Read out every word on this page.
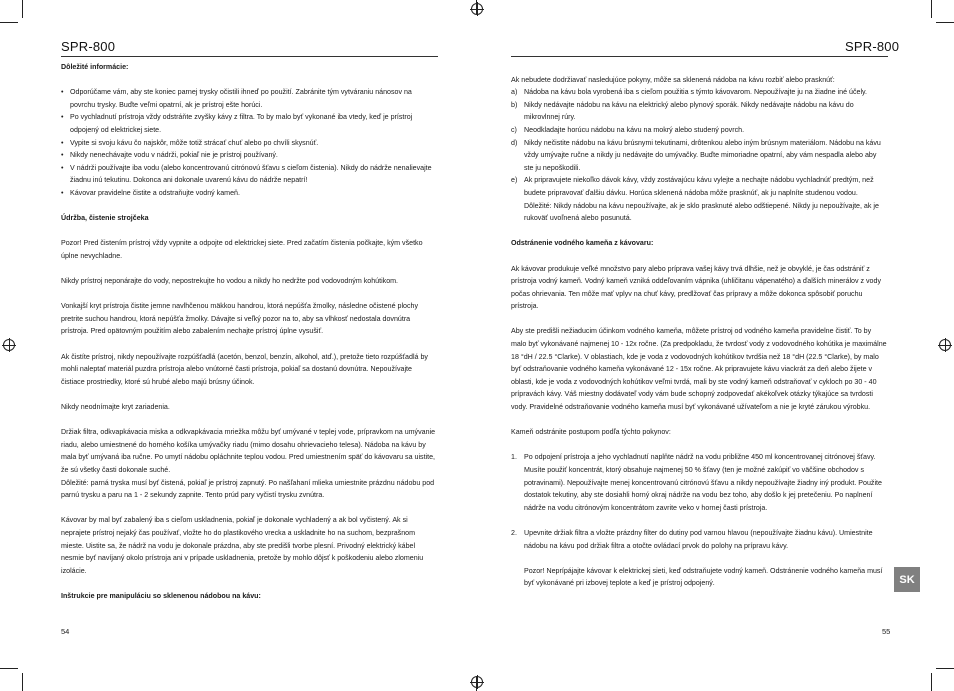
SPR-800

Dôležité informácie:

• Odporúčame vám, aby ste koniec parnej trysky očistili ihneď po použití. Zabránite tým vytváraniu nánosov na povrchu trysky. Buďte veľmi opatrní, ak je prístroj ešte horúci.
• Po vychladnutí prístroja vždy odstráňte zvyšky kávy z filtra. To by malo byť vykonané iba vtedy, keď je prístroj odpojený od elektrickej siete.
• Vypite si svoju kávu čo najskôr, môže totiž strácať chuť alebo po chvíli skysnúť.
• Nikdy nenechávajte vodu v nádrži, pokiaľ nie je prístroj používaný.
• V nádrži používajte iba vodu (alebo koncentrovanú citrónovú šťavu s cieľom čistenia). Nikdy do nádrže nenalievajte žiadnu inú tekutinu. Dokonca ani dokonale uvarenú kávu do nádrže nepatrí!
• Kávovar pravidelne čistite a odstraňujte vodný kameň.

Údržba, čistenie strojčeka

Pozor! Pred čistením prístroj vždy vypnite a odpojte od elektrickej siete. Pred začatím čistenia počkajte, kým všetko úplne nevychladne.

Nikdy prístroj neponárajte do vody, nepostrekujte ho vodou a nikdy ho nedržte pod vodovodným kohútikom.

Vonkajší kryt prístroja čistite jemne navlhčenou mäkkou handrou, ktorá nepúšťa žmolky, následne očistené plochy pretrite suchou handrou, ktorá nepúšťa žmolky. Dávajte si veľký pozor na to, aby sa vlhkosť nedostala dovnútra prístroja. Pred opätovným použitím alebo zabalením nechajte prístroj úplne vysušiť.

Ak čistíte prístroj, nikdy nepoužívajte rozpúšťadlá (acetón, benzol, benzín, alkohol, atď.), pretože tieto rozpúšťadlá by mohli naleptať materiál puzdra prístroja alebo vnútorné časti prístroja, pokiaľ sa dostanú dovnútra. Nepoužívajte čistiace prostriedky, ktoré sú hrubé alebo majú brúsny účinok.

Nikdy neodnímajte kryt zariadenia.

Držiak filtra, odkvapkávacia miska a odkvapkávacia mriežka môžu byť umývané v teplej vode, prípravkom na umývanie riadu, alebo umiestnené do horného košíka umývačky riadu (mimo dosahu ohrievacieho telesa). Nádoba na kávu by mala byť umývaná iba ručne. Po umytí nádobu opláchnite teplou vodou. Pred umiestnením späť do kávovaru sa uistite, že sú všetky časti dokonale suché.

Dôležité: parná tryska musí byť čistená, pokiaľ je prístroj zapnutý. Po našľahaní mlieka umiestnite prázdnu nádobu pod parnú trysku a paru na 1 - 2 sekundy zapnite. Tento prúd pary vyčistí trysku zvnútra.

Kávovar by mal byť zabalený iba s cieľom uskladnenia, pokiaľ je dokonale vychladený a ak bol vyčistený. Ak si neprajete prístroj nejaký čas používať, vložte ho do plastikového vrecka a uskladnite ho na suchom, bezprašnom mieste. Uistite sa, že nádrž na vodu je dokonale prázdna, aby ste predišli tvorbe plesní. Privodný elektrický kábel nesmie byť navíjaný okolo prístroja ani v prípade uskladnenia, pretože by mohlo dôjsť k poškodeniu alebo zlomeniu izolácie.

Inštrukcie pre manipuláciu so sklenenou nádobou na kávu:

54
SPR-800

Ak nebudete dodržiavať nasledujúce pokyny, môže sa sklenená nádoba na kávu rozbiť alebo prasknúť:

a) Nádoba na kávu bola vyrobená iba s cieľom použitia s týmto kávovarom. Nepoužívajte ju na žiadne iné účely.
b) Nikdy nedávajte nádobu na kávu na elektrický alebo plynový sporák. Nikdy nedávajte nádobu na kávu do mikrovlnnej rúry.
c) Neodkladajte horúcu nádobu na kávu na mokrý alebo studený povrch.
d) Nikdy nečistite nádobu na kávu brúsnymi tekutinami, drôtenkou alebo iným brúsnym materiálom. Nádobu na kávu vždy umývajte ručne a nikdy ju nedávajte do umývačky. Buďte mimoriadne opatrní, aby vám nespadla alebo aby ste ju nepoškodili.
e) Ak pripravujete niekoľko dávok kávy, vždy zostávajúcu kávu vylejte a nechajte nádobu vychladnúť predtým, než budete pripravovať ďalšiu dávku. Horúca sklenená nádoba môže prasknúť, ak ju naplníte studenou vodou. Dôležité: Nikdy nádobu na kávu nepoužívajte, ak je sklo prasknuté alebo odštiepené. Nikdy ju nepoužívajte, ak je rukoväť uvoľnená alebo posunutá.

Odstránenie vodného kameňa z kávovaru:

Ak kávovar produkuje veľké množstvo pary alebo príprava vašej kávy trvá dlhšie, než je obvyklé, je čas odstrániť z prístroja vodný kameň. Vodný kameň vzniká oddeľovaním vápnika (uhličitanu vápenatého) a ďalších minerálov z vody počas ohrievania. Ten môže mať vplyv na chuť kávy, predlžovať čas prípravy a môže dokonca spôsobiť poruchu prístroja.

Aby ste predišli nežiaducim účinkom vodného kameňa, môžete prístroj od vodného kameňa pravidelne čistiť. To by malo byť vykonávané najmenej 10 - 12x ročne. (Za predpokladu, že tvrdosť vody z vodovodného kohútika je maximálne 18 °dH / 22.5 °Clarke). V oblastiach, kde je voda z vodovodných kohútikov tvrdšia než 18 °dH (22.5 °Clarke), by malo byť odstraňovanie vodného kameňa vykonávané 12 - 15x ročne. Ak pripravujete kávu viackrát za deň alebo žijete v oblasti, kde je voda z vodovodných kohútikov veľmi tvrdá, mali by ste vodný kameň odstraňovať v cykloch po 30 - 40 prípravách kávy. Váš miestny dodávateľ vody vám bude schopný zodpovedať akékoľvek otázky týkajúce sa tvrdosti vody. Pravidelné odstraňovanie vodného kameňa musí byť vykonávané užívateľom a nie je kryté zárukou výrobku.

Kameň odstránite postupom podľa týchto pokynov:

1. Po odpojení prístroja a jeho vychladnutí naplňte nádrž na vodu približne 450 ml koncentrovanej citrónovej šťavy. Musíte použiť koncentrát, ktorý obsahuje najmenej 50 % šťavy (ten je možné zakúpiť vo väčšine obchodov s potravinami). Nepoužívajte menej koncentrovanú citrónovú šťavu a nikdy nepoužívajte žiadny iný produkt. Použite dostatok tekutiny, aby ste dosiahli horný okraj nádrže na vodu bez toho, aby došlo k jej pretečeniu. Po naplnení nádrže na vodu citrónovým koncentrátom zavrite veko v hornej časti prístroja.
2. Upevnite držiak filtra a vložte prázdny filter do dutiny pod varnou hlavou (nepoužívajte žiadnu kávu). Umiestnite nádobu na kávu pod držiak filtra a otočte ovládací prvok do polohy na prípravu kávy.

Pozor! Neprípájajte kávovar k elektrickej sieti, keď odstraňujete vodný kameň. Odstránenie vodného kameňa musí byť vykonávané pri izbovej teplote a keď je prístroj odpojený.

55
SK
